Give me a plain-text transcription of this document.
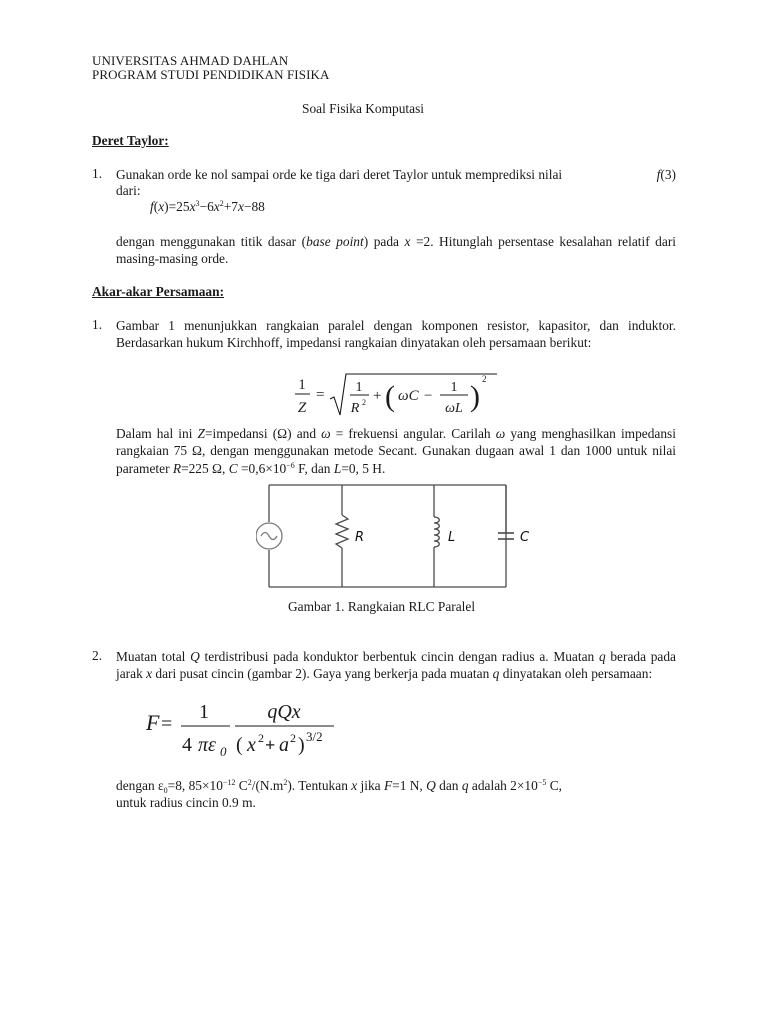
UNIVERSITAS AHMAD DAHLAN
PROGRAM STUDI PENDIDIKAN FISIKA
Soal Fisika Komputasi
Deret Taylor:
1. Gunakan orde ke nol sampai orde ke tiga dari deret Taylor untuk memprediksi nilai	f(3)
dari:
$f(x)=25x^3-6x^2+7x-88$
dengan menggunakan titik dasar (base point) pada x =2. Hitunglah persentase kesalahan relatif dari masing-masing orde.
Akar-akar Persamaan:
1. Gambar 1 menunjukkan rangkaian paralel dengan komponen resistor, kapasitor, dan induktor. Berdasarkan hukum Kirchhoff, impedansi rangkaian dinyatakan oleh persamaan berikut:
1
Z
= 1
R 2 + ( ωC −
1
ωL )
2
Dalam hal ini Z=impedansi (Ω) and ω = frekuensi angular. Carilah ω yang menghasilkan impedansi rangkaian 75 Ω, dengan menggunakan metode Secant. Gunakan dugaan awal 1 dan 1000 untuk nilai parameter R=225 Ω, $C =0,6\times 10^{-6}$ F, dan L=0, 5 H.
R	L	C
Gambar 1. Rangkaian RLC Paralel
2. Muatan total Q terdistribusi pada konduktor berbentuk cincin dengan radius a. Muatan q berada pada jarak x dari pusat cincin (gambar 2). Gaya yang berkerja pada muatan q dinyatakan oleh persamaan:
F =
1
4 πε 0
qQx
( x 2 + a 2 ) 3/2
dengan $\varepsilon_0=8$, $85\times 10^{-12}$ $C^2/(N.m^2)$. Tentukan x jika F=1 N, Q dan q adalah $2\times 10^{-5}$ C,
untuk radius cincin 0.9 m.
